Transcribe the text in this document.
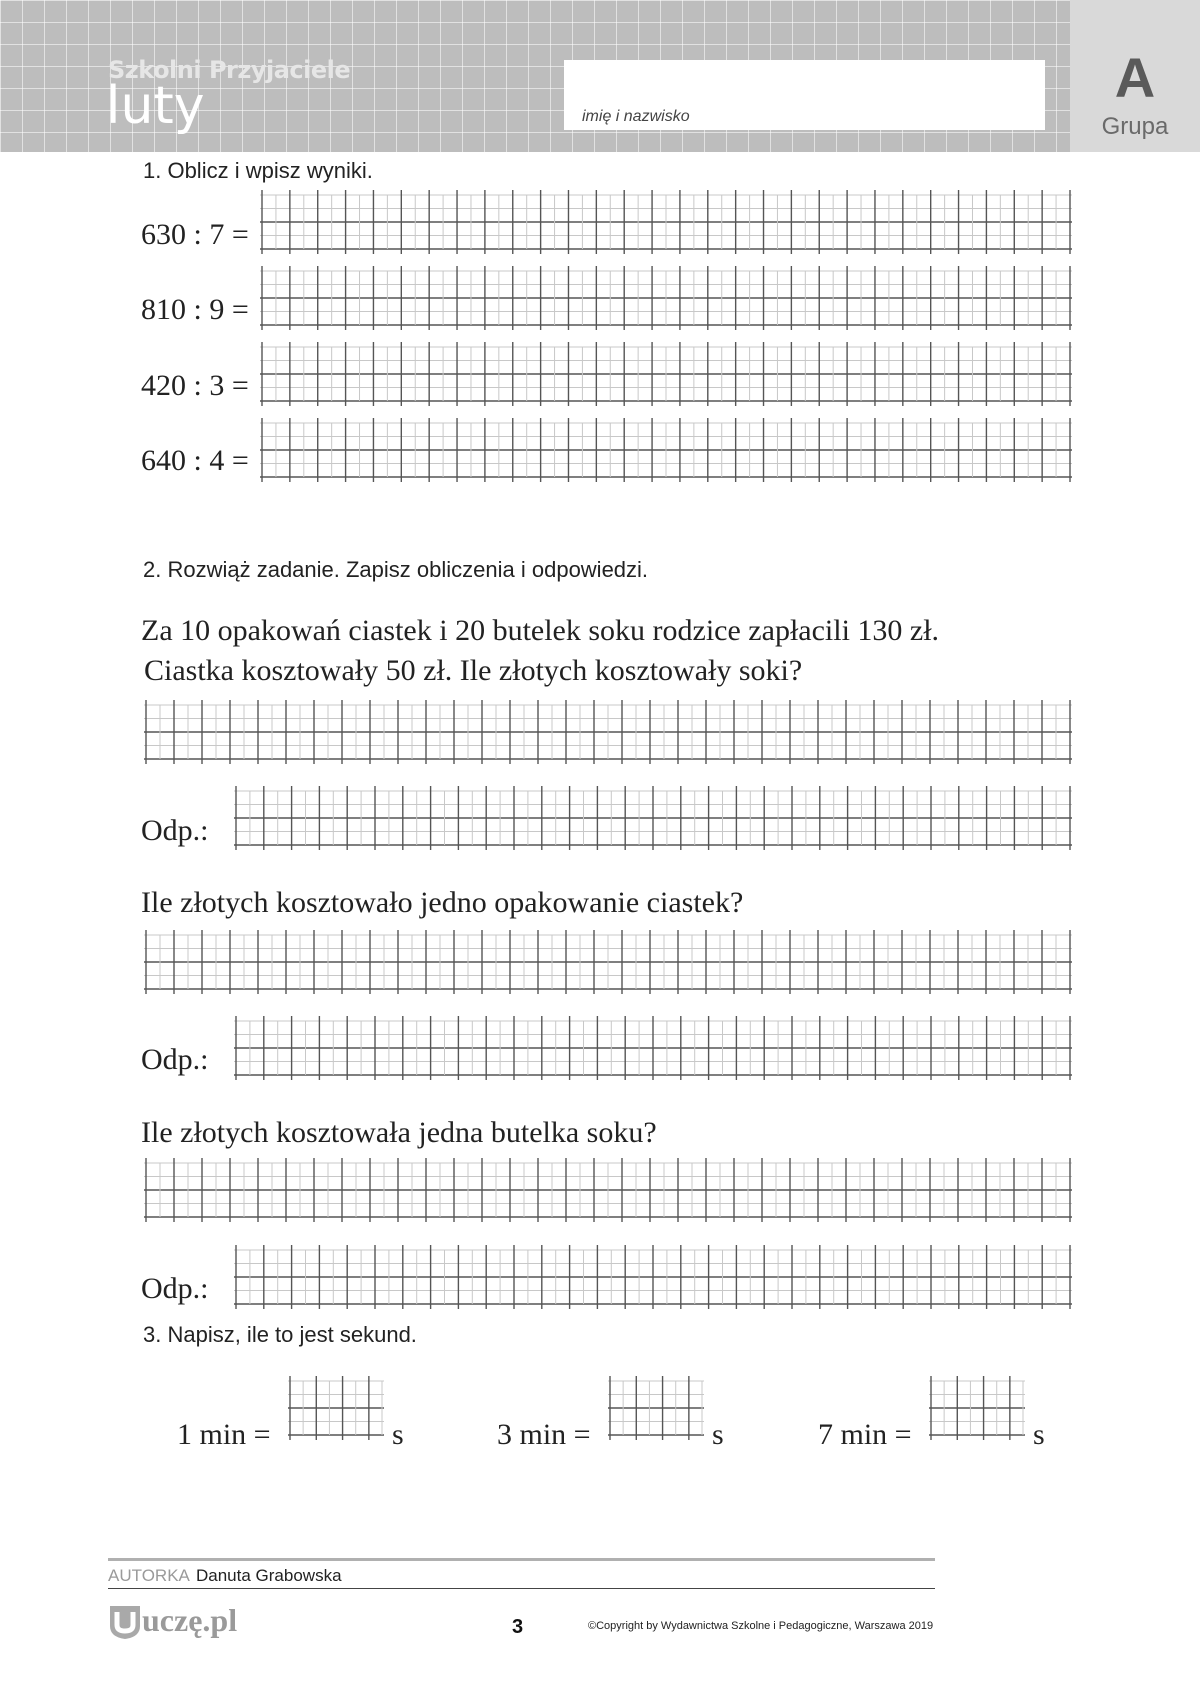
Szkolni Przyjaciele
luty	imię i nazwisko
A
Grupa
1. Oblicz i wpisz wyniki.
630 : 7 =
810 : 9 =
420 : 3 =
640 : 4 =
2. Rozwiąż zadanie. Zapisz obliczenia i odpowiedzi.
Za 10 opakowań ciastek i 20 butelek soku rodzice zapłacili 130 zł.
Ciastka kosztowały 50 zł. Ile złotych kosztowały soki?
Odp.:
Ile złotych kosztowało jedno opakowanie ciastek?
Odp.:
Ile złotych kosztowała jedna butelka soku?
Odp.:
3. Napisz, ile to jest sekund.
1 min =	s	3 min =	s	7 min =	s
AUTORKA Danuta Grabowska
uczę.pl	3	©Copyright by Wydawnictwa Szkolne i Pedagogiczne, Warszawa 2019
